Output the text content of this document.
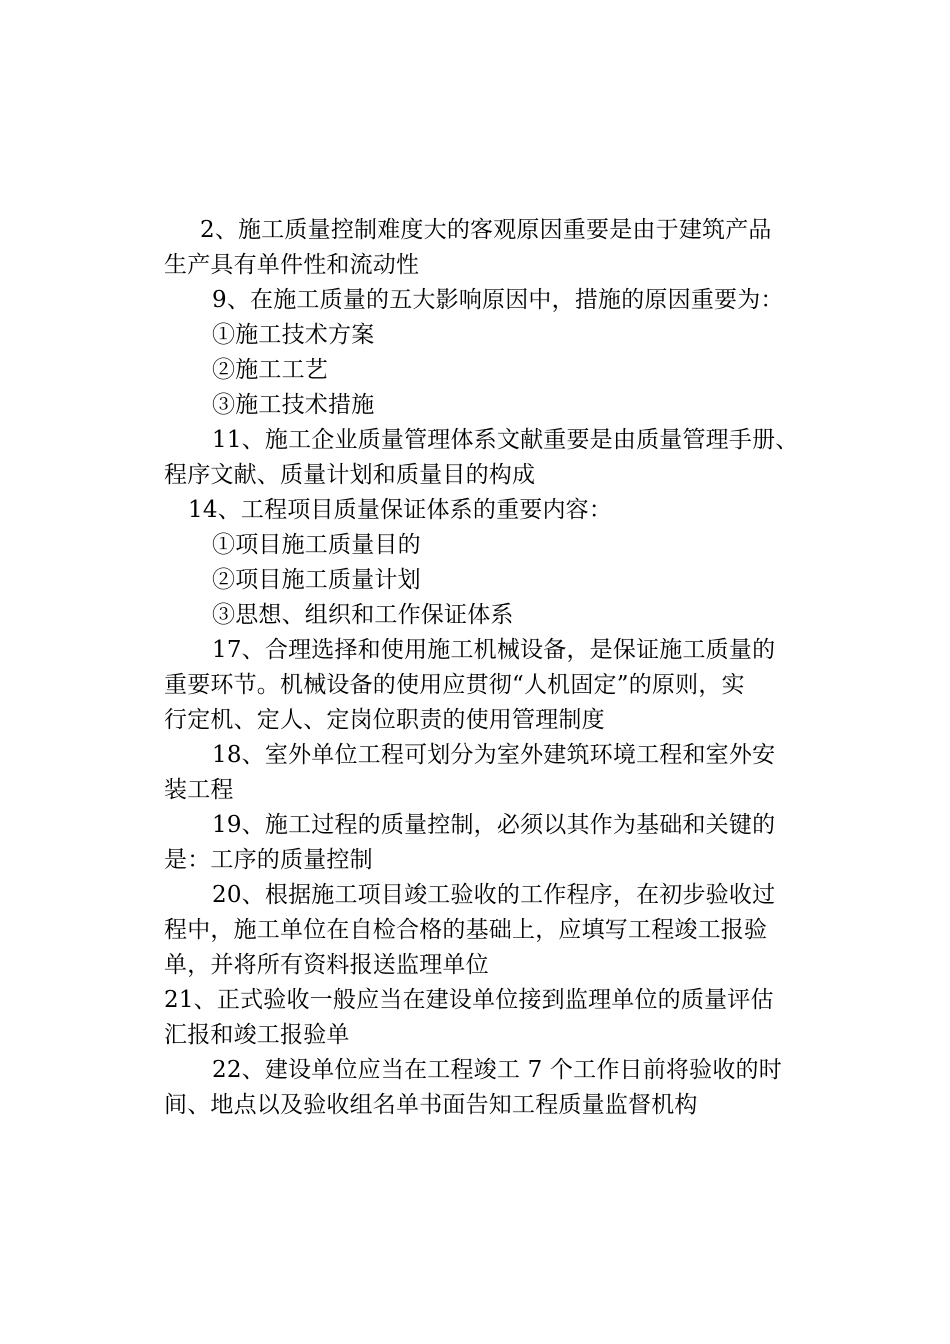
2、施工质量控制难度大的客观原因重要是由于建筑产品
生产具有单件性和流动性
9、在施工质量的五大影响原因中，措施的原因重要为：
①施工技术方案
②施工工艺
③施工技术措施
11、施工企业质量管理体系文献重要是由质量管理手册、
程序文献、质量计划和质量目的构成
14、工程项目质量保证体系的重要内容：
①项目施工质量目的
②项目施工质量计划
③思想、组织和工作保证体系
17、合理选择和使用施工机械设备，是保证施工质量的
重要环节。机械设备的使用应贯彻“人机固定”的原则，实
行定机、定人、定岗位职责的使用管理制度
18、室外单位工程可划分为室外建筑环境工程和室外安
装工程
19、施工过程的质量控制，必须以其作为基础和关键的
是：工序的质量控制
20、根据施工项目竣工验收的工作程序，在初步验收过
程中，施工单位在自检合格的基础上，应填写工程竣工报验
单，并将所有资料报送监理单位
21、正式验收一般应当在建设单位接到监理单位的质量评估
汇报和竣工报验单
22、建设单位应当在工程竣工 7 个工作日前将验收的时
间、地点以及验收组名单书面告知工程质量监督机构
